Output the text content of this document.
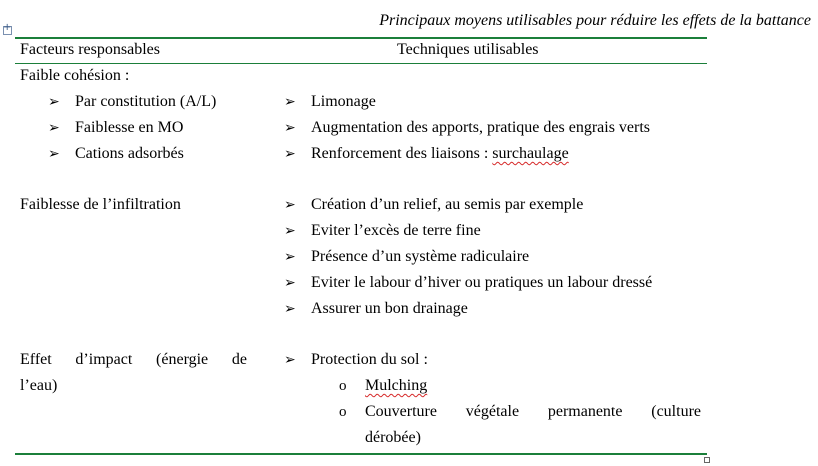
+
Principaux moyens utilisables pour réduire les effets de la battance
Facteurs responsables	Techniques utilisables
Faible cohésion :
➢ Par constitution (A/L)
➢ Faiblesse en MO
➢ Cations adsorbés
➢ Limonage
➢ Augmentation des apports, pratique des engrais verts
➢ Renforcement des liaisons : surchaulage
Faiblesse de l’infiltration	➢ Création d’un relief, au semis par exemple
➢ Eviter l’excès de terre fine
➢ Présence d’un système radiculaire
➢ Eviter le labour d’hiver ou pratiques un labour dressé
➢ Assurer un bon drainage
Effet d’impact (énergie de
l’eau)
➢ Protection du sol :
o Mulching
o Couverture végétale permanente (culture
dérobée)
